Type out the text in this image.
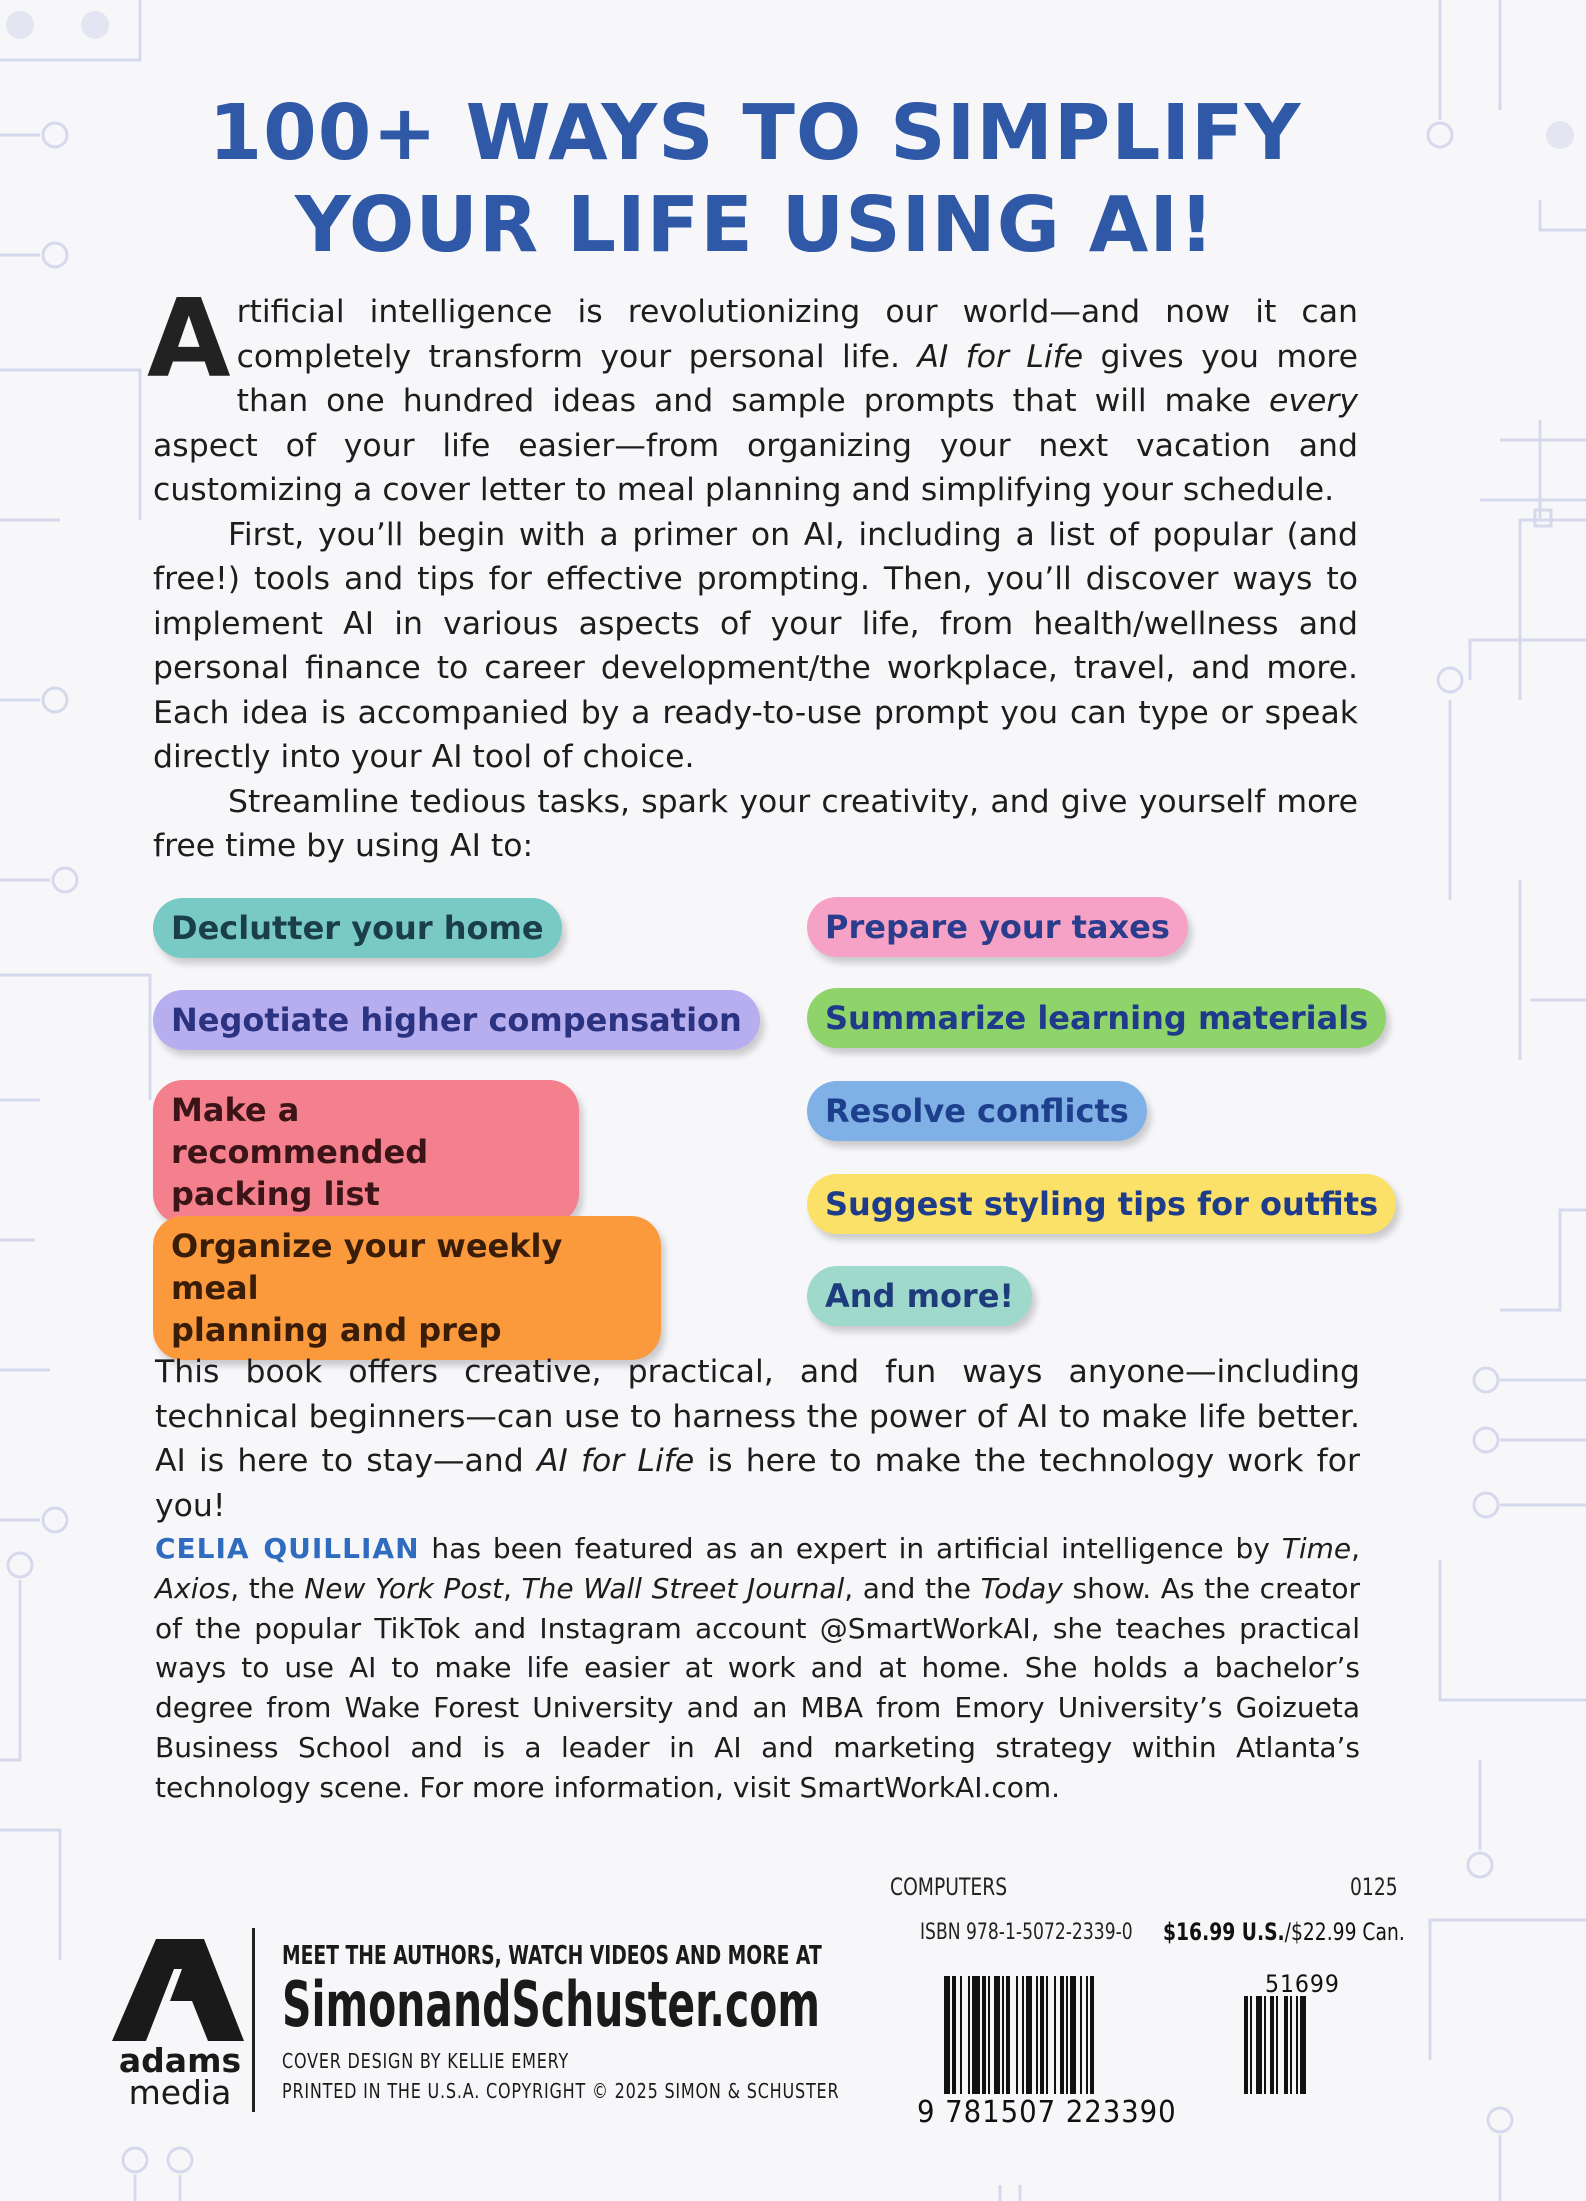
100+ WAYS TO SIMPLIFY
YOUR LIFE USING AI!

Artificial intelligence is revolutionizing our world—and now it can completely transform your personal life. AI for Life gives you more than one hundred ideas and sample prompts that will make every aspect of your life easier—from organizing your next vacation and customizing a cover letter to meal planning and simplifying your schedule.

First, you’ll begin with a primer on AI, including a list of popular (and free!) tools and tips for effective prompting. Then, you’ll discover ways to implement AI in various aspects of your life, from health/wellness and personal finance to career development/the workplace, travel, and more. Each idea is accompanied by a ready-to-use prompt you can type or speak directly into your AI tool of choice.

Streamline tedious tasks, spark your creativity, and give yourself more free time by using AI to:

Declutter your home
Negotiate higher compensation
Make a recommended
packing list
Organize your weekly meal
planning and prep
Prepare your taxes
Summarize learning materials
Resolve conflicts
Suggest styling tips for outfits
And more!
This book offers creative, practical, and fun ways anyone—including technical beginners—can use to harness the power of AI to make life better. AI is here to stay—and AI for Life is here to make the technology work for you!
CELIA QUILLIAN has been featured as an expert in artificial intelligence by Time, Axios, the New York Post, The Wall Street Journal, and the Today show. As the creator of the popular TikTok and Instagram account @SmartWorkAI, she teaches practical ways to use AI to make life easier at work and at home. She holds a bachelor’s degree from Wake Forest University and an MBA from Emory University’s Goizueta Business School and is a leader in AI and marketing strategy within Atlanta’s technology scene. For more information, visit SmartWorkAI.com.
adams
media
MEET THE AUTHORS, WATCH VIDEOS AND MORE AT
SimonandSchuster.com
COVER DESIGN BY KELLIE EMERY
PRINTED IN THE U.S.A. COPYRIGHT © 2025 SIMON & SCHUSTER
COMPUTERS	0125
ISBN 978-1-5072-2339-0 $16.99 U.S./$22.99 Can.
51699
9 781507 223390
